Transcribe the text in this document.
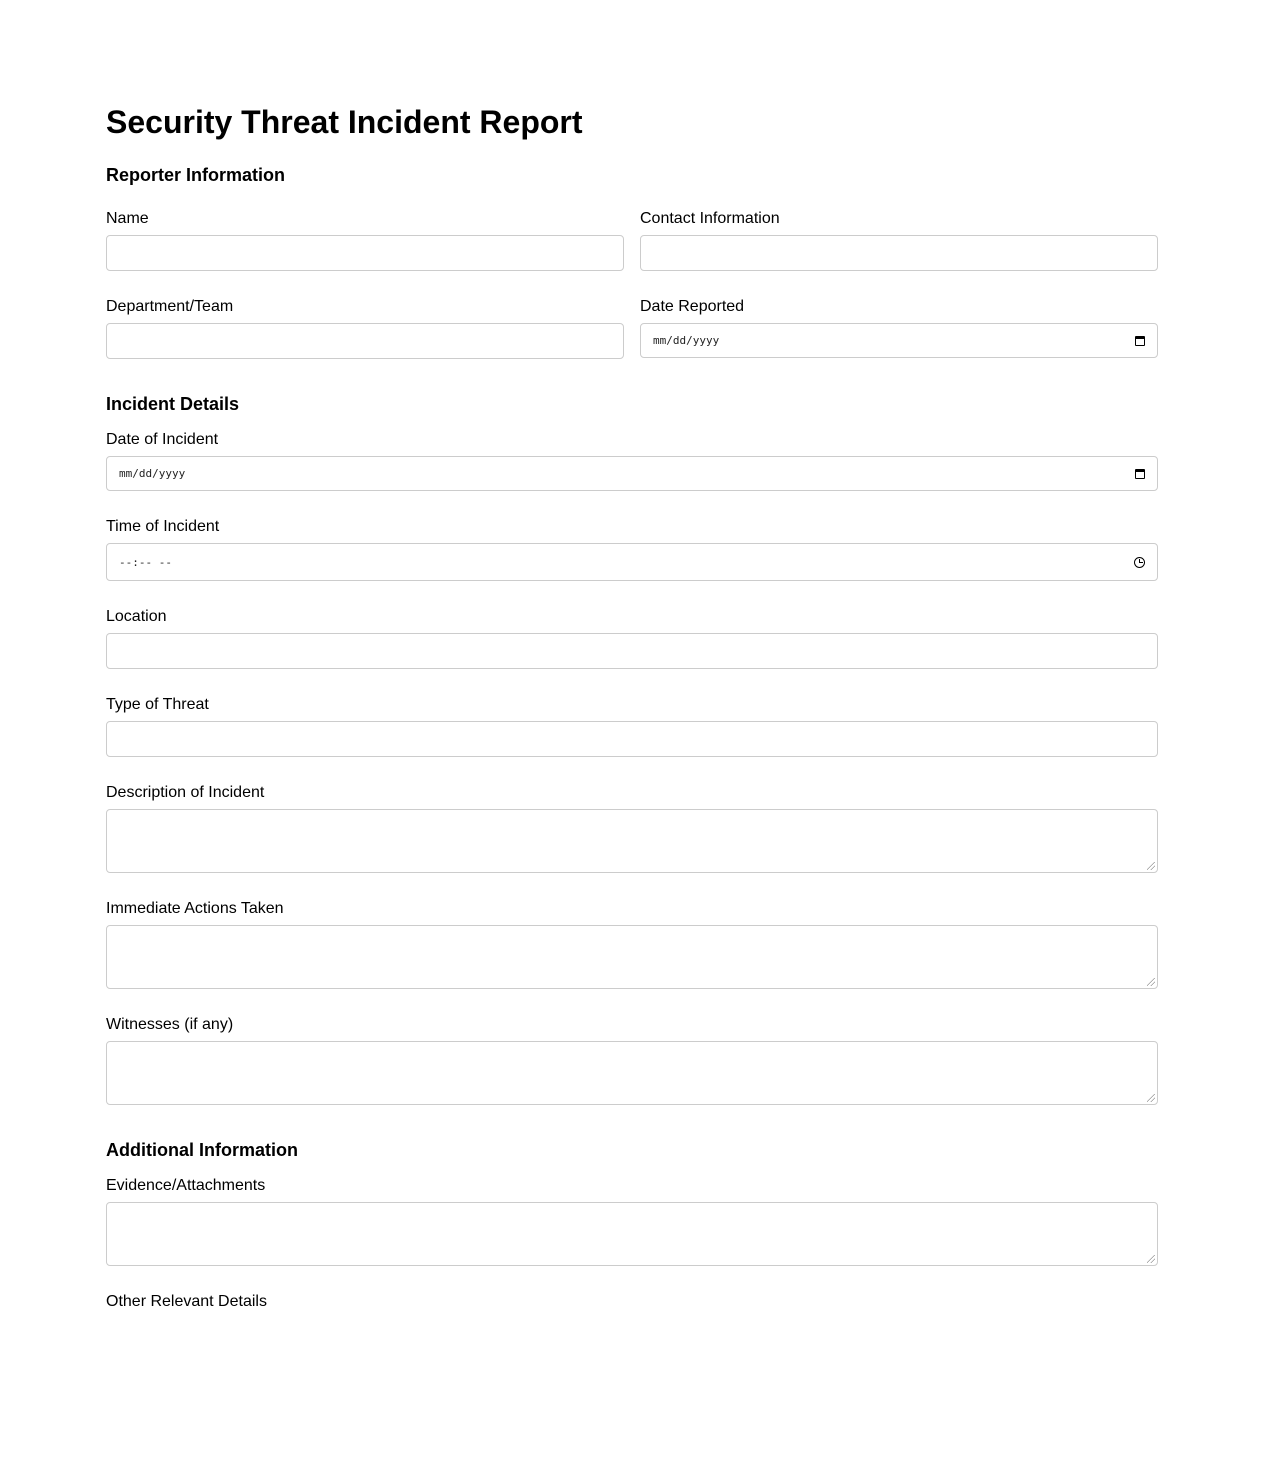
Security Threat Incident Report
Reporter Information
Name	Contact Information
Department/Team	Date Reported
mm/dd/yyyy
Incident Details
Date of Incident
mm/dd/yyyy
Time of Incident
--:-- --
Location
Type of Threat
Description of Incident
Immediate Actions Taken
Witnesses (if any)
Additional Information
Evidence/Attachments
Other Relevant Details
